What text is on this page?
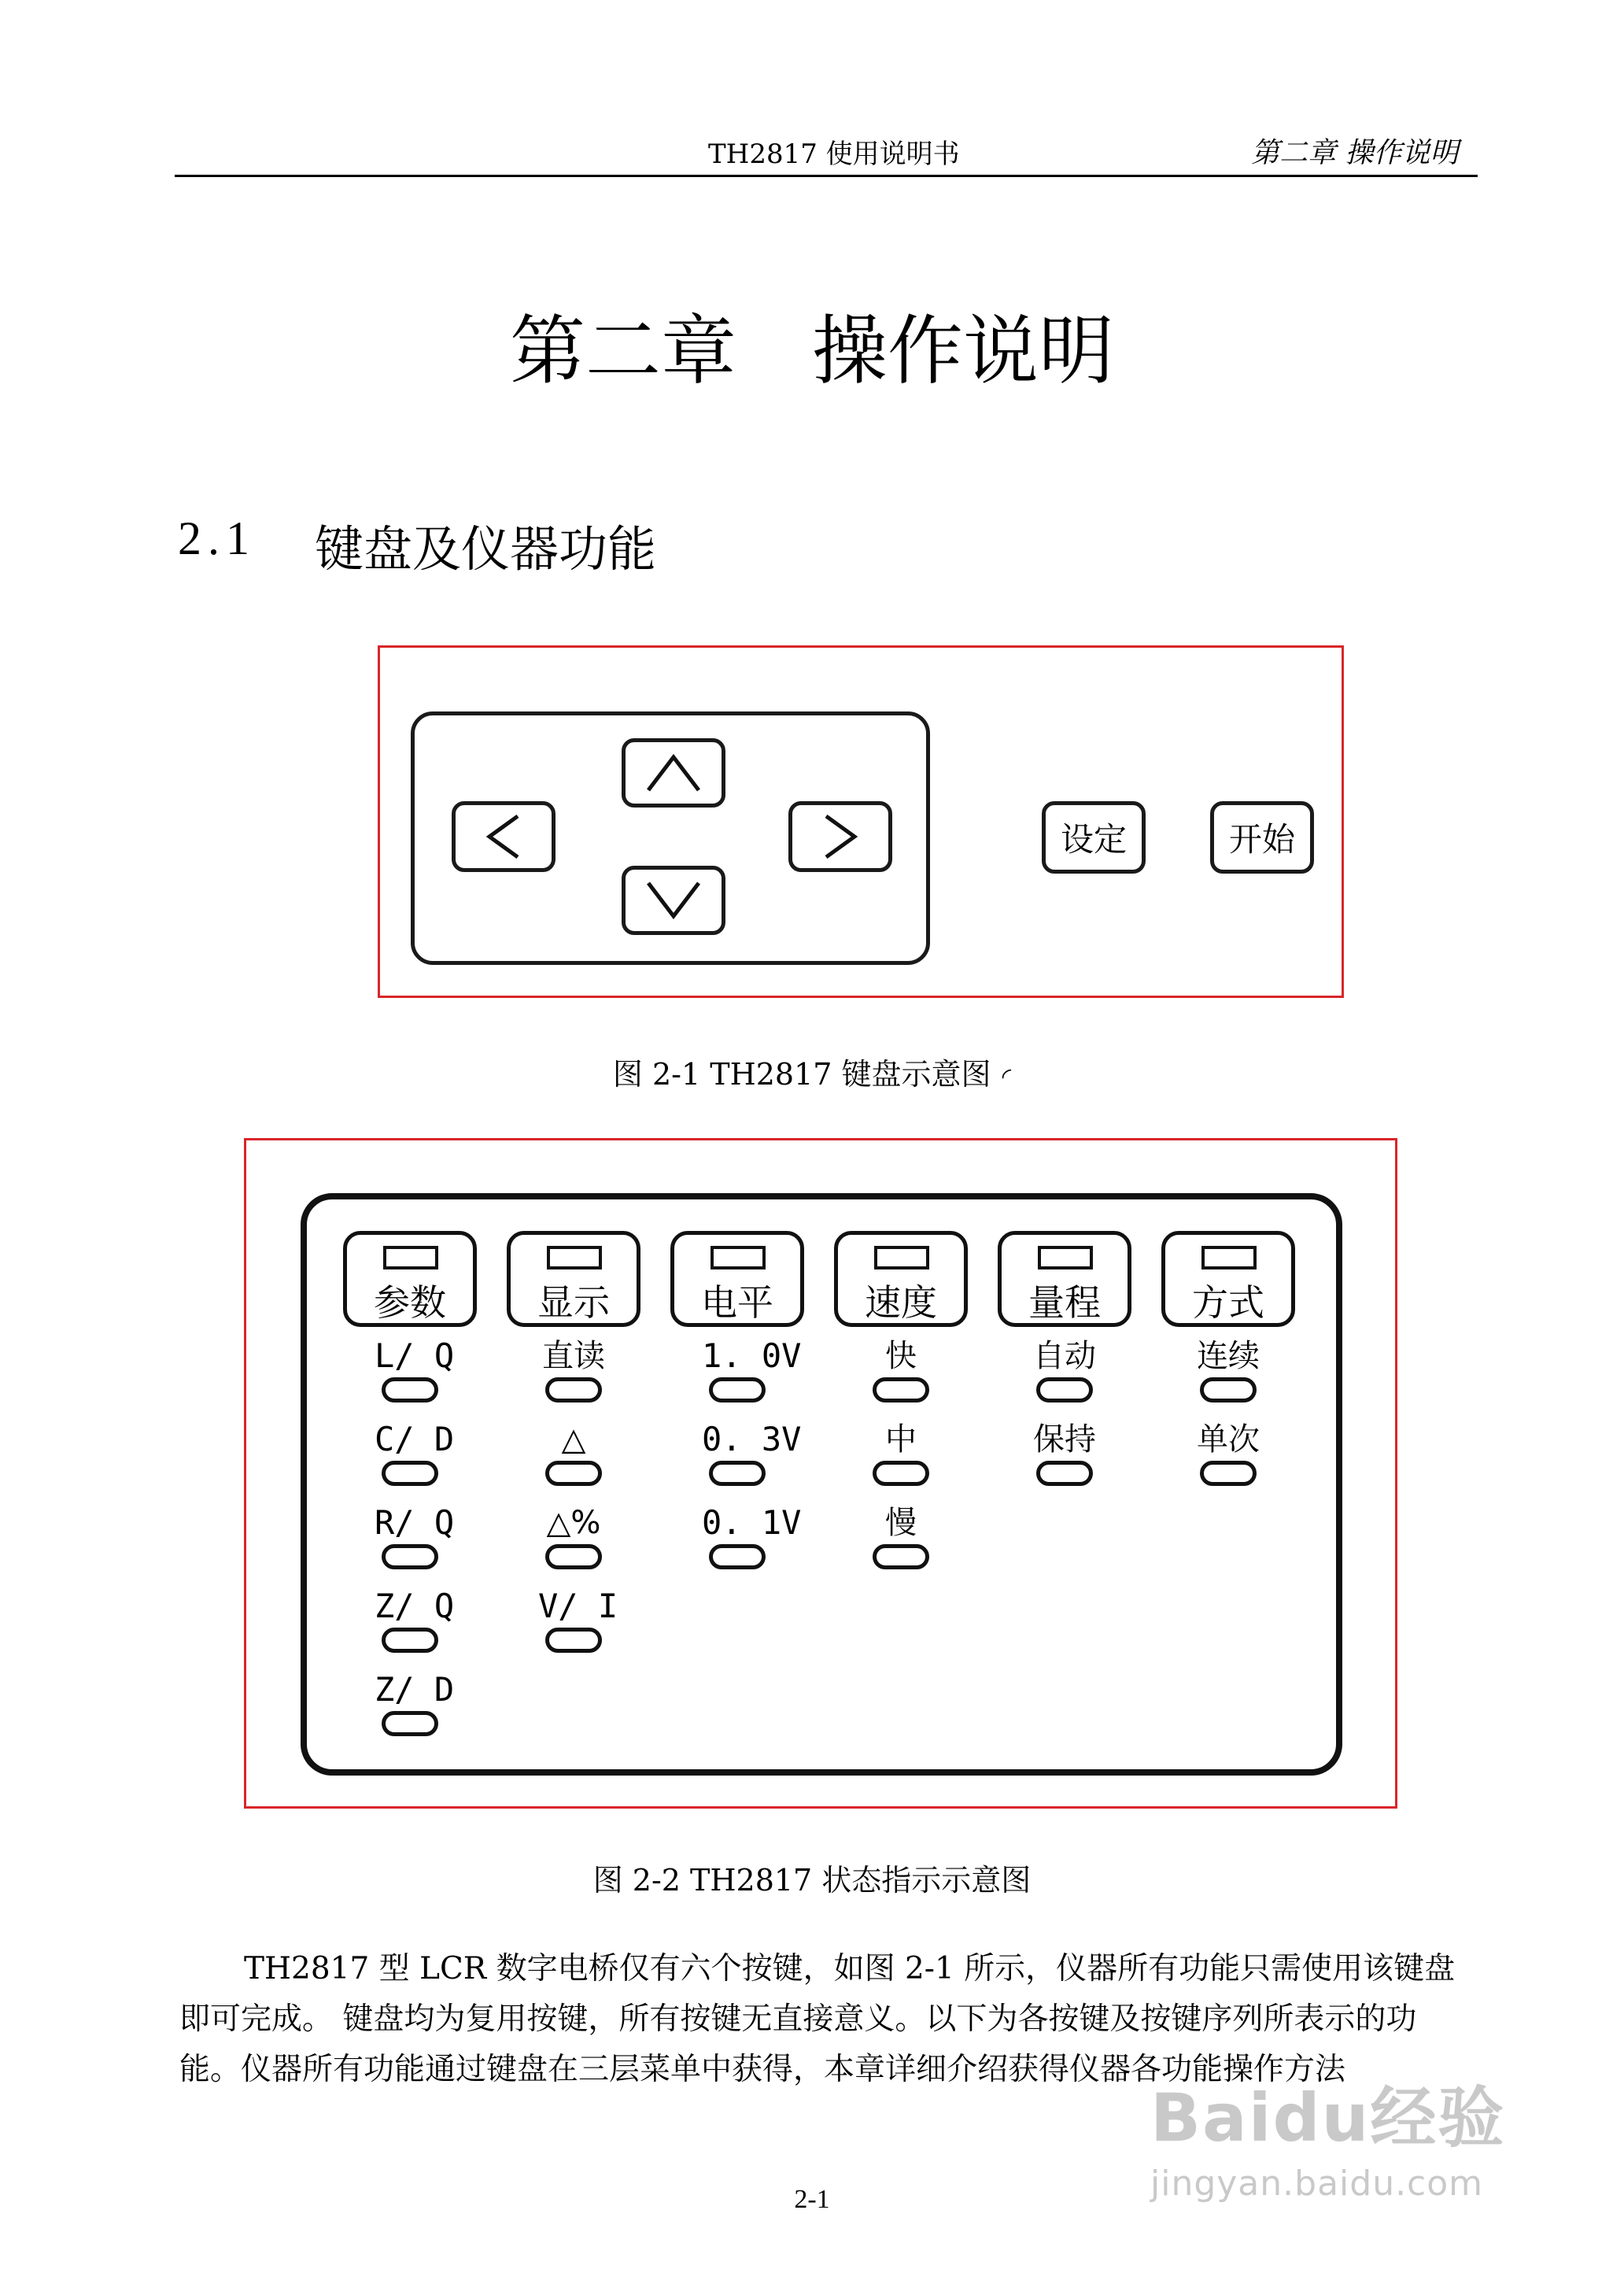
TH2817 使用说明书	第二章 操作说明
第二章 操作说明
2.1 键盘及仪器功能
设定	开始
图 2-1 TH2817 键盘示意图 ◜
参数
L/ Q
C/ D
R/ Q
Z/ Q
Z/ D
显示
直读
△
△%
V/ I
电平
1. 0V
0. 3V
0. 1V
速度
快
中
慢
量程
自动
保持
方式
连续
单次
图 2-2 TH2817 状态指示示意图
TH2817 型 LCR 数字电桥仅有六个按键，如图 2-1 所示，仪器所有功能只需使用该键盘即可完成。 键盘均为复用按键，所有按键无直接意义。以下为各按键及按键序列所表示的功能。仪器所有功能通过键盘在三层菜单中获得，本章详细介绍获得仪器各功能操作方法
2-1
Baidu经验
jingyan.baidu.com
